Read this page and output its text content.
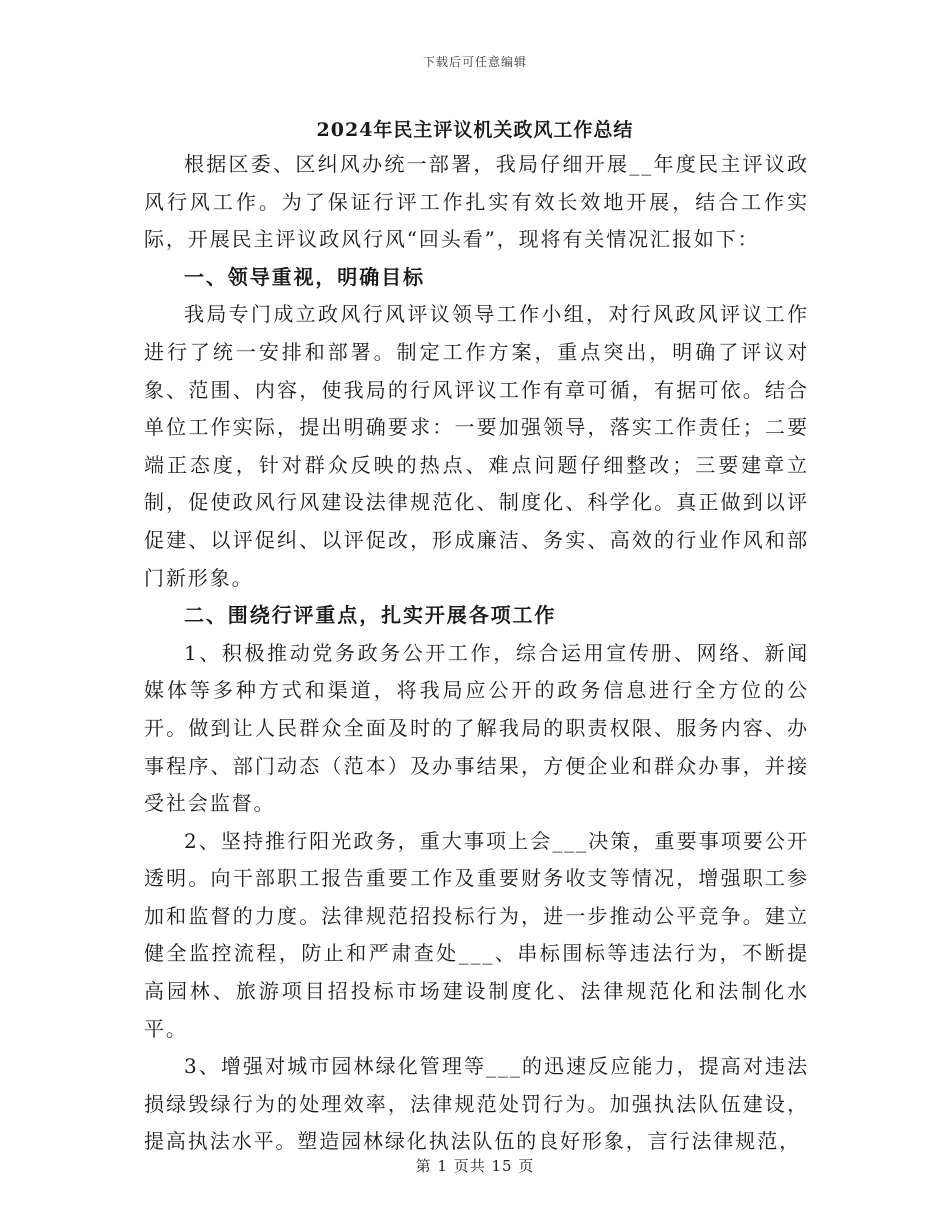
下载后可任意编辑
2024年民主评议机关政风工作总结

根据区委、区纠风办统一部署，我局仔细开展__年度民主评议政风行风工作。为了保证行评工作扎实有效长效地开展，结合工作实际，开展民主评议政风行风“回头看”，现将有关情况汇报如下：

一、领导重视，明确目标

我局专门成立政风行风评议领导工作小组，对行风政风评议工作进行了统一安排和部署。制定工作方案，重点突出，明确了评议对象、范围、内容，使我局的行风评议工作有章可循，有据可依。结合单位工作实际，提出明确要求：一要加强领导，落实工作责任；二要端正态度，针对群众反映的热点、难点问题仔细整改；三要建章立制，促使政风行风建设法律规范化、制度化、科学化。真正做到以评促建、以评促纠、以评促改，形成廉洁、务实、高效的行业作风和部门新形象。

二、围绕行评重点，扎实开展各项工作

1、积极推动党务政务公开工作，综合运用宣传册、网络、新闻媒体等多种方式和渠道，将我局应公开的政务信息进行全方位的公开。做到让人民群众全面及时的了解我局的职责权限、服务内容、办事程序、部门动态（范本）及办事结果，方便企业和群众办事，并接受社会监督。

2、坚持推行阳光政务，重大事项上会___决策，重要事项要公开透明。向干部职工报告重要工作及重要财务收支等情况，增强职工参加和监督的力度。法律规范招投标行为，进一步推动公平竞争。建立健全监控流程，防止和严肃查处___、串标围标等违法行为，不断提高园林、旅游项目招投标市场建设制度化、法律规范化和法制化水平。

3、增强对城市园林绿化管理等___的迅速反应能力，提高对违法损绿毁绿行为的处理效率，法律规范处罚行为。加强执法队伍建设，提高执法水平。塑造园林绿化执法队伍的良好形象，言行法律规范，

第 1 页共 15 页
